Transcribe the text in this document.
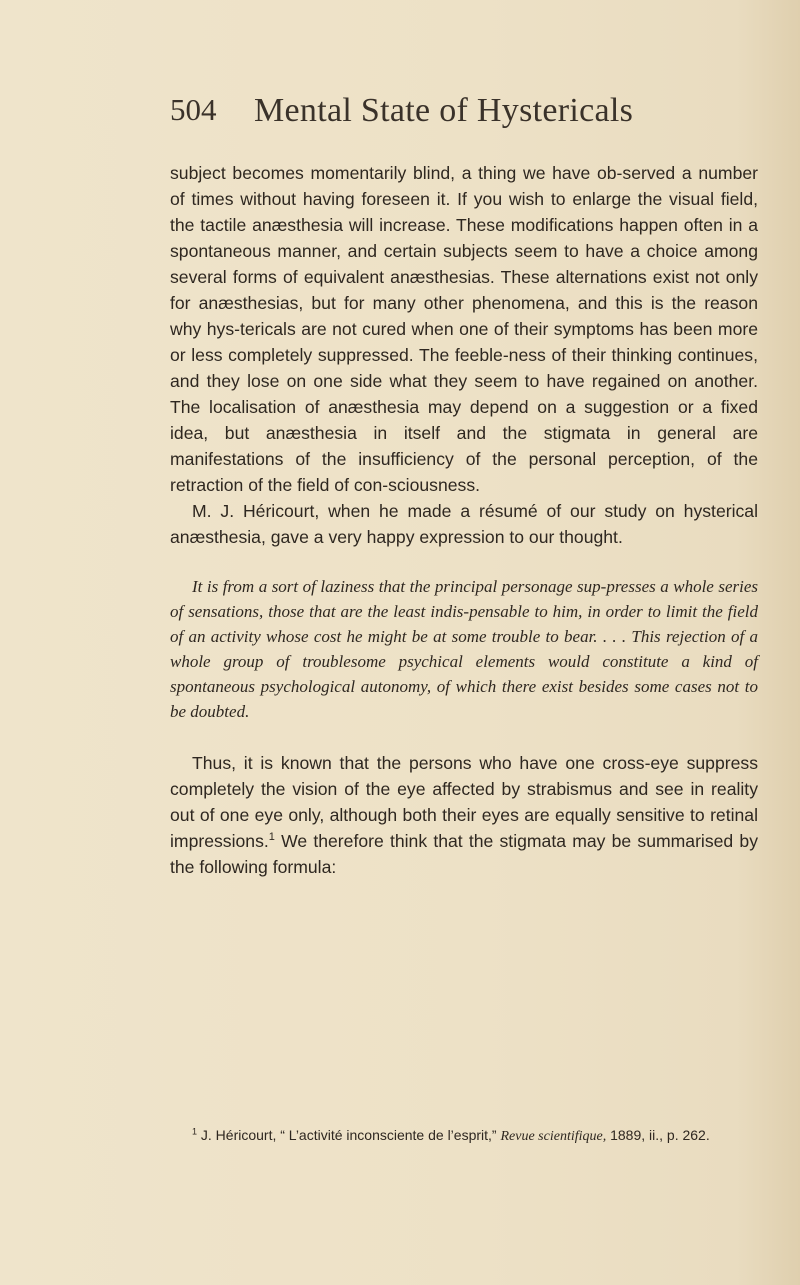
504 Mental State of Hystericals

subject becomes momentarily blind, a thing we have ob-served a number of times without having foreseen it. If you wish to enlarge the visual field, the tactile anæsthesia will increase. These modifications happen often in a spontaneous manner, and certain subjects seem to have a choice among several forms of equivalent anæsthesias. These alternations exist not only for anæsthesias, but for many other phenomena, and this is the reason why hys-tericals are not cured when one of their symptoms has been more or less completely suppressed. The feeble-ness of their thinking continues, and they lose on one side what they seem to have regained on another. The localisation of anæsthesia may depend on a suggestion or a fixed idea, but anæsthesia in itself and the stigmata in general are manifestations of the insufficiency of the personal perception, of the retraction of the field of con-sciousness.

M. J. Héricourt, when he made a résumé of our study on hysterical anæsthesia, gave a very happy expression to our thought.

It is from a sort of laziness that the principal personage sup-presses a whole series of sensations, those that are the least indis-pensable to him, in order to limit the field of an activity whose cost he might be at some trouble to bear. . . . This rejection of a whole group of troublesome psychical elements would constitute a kind of spontaneous psychological autonomy, of which there exist besides some cases not to be doubted.

Thus, it is known that the persons who have one cross-eye suppress completely the vision of the eye affected by strabismus and see in reality out of one eye only, although both their eyes are equally sensitive to retinal impressions.$^1$ We therefore think that the stigmata may be summarised by the following formula:

$^1$ J. Héricourt, “ L’activité inconsciente de l’esprit,” Revue scientifique, 1889, ii., p. 262.
